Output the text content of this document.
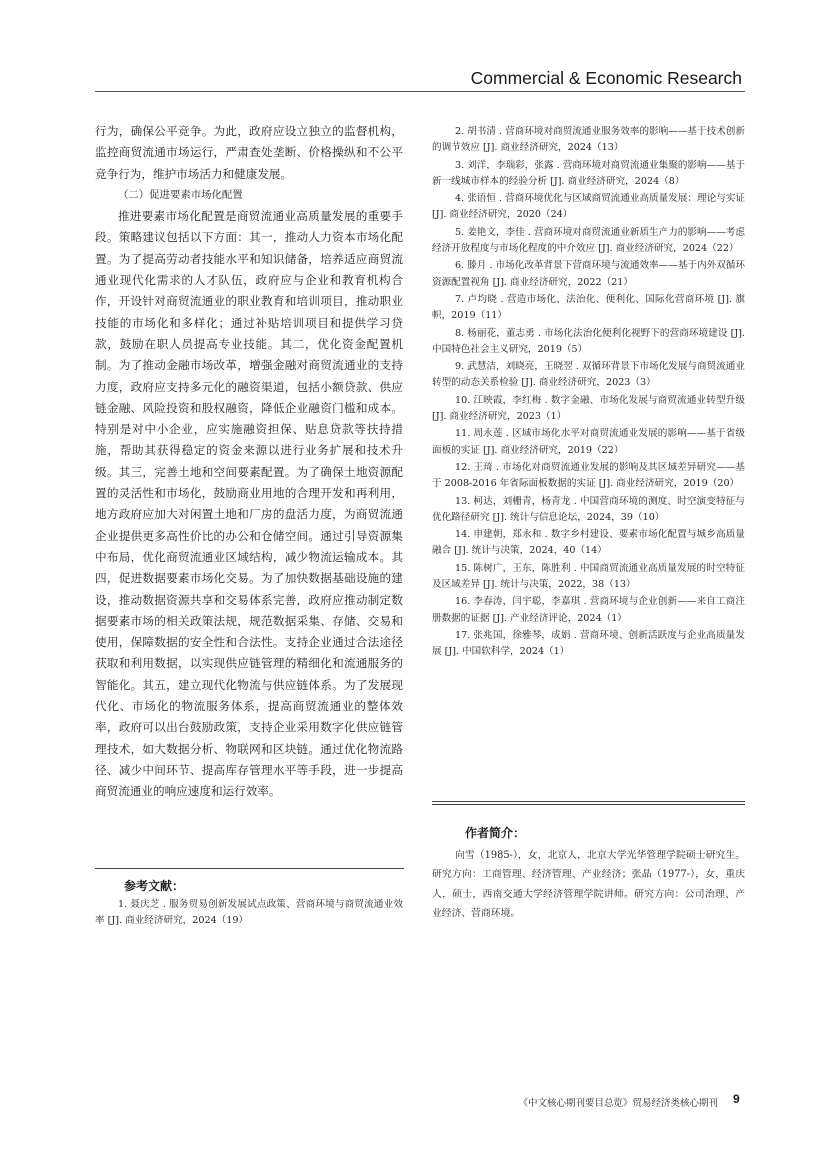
Commercial & Economic Research

行为，确保公平竞争。为此，政府应设立独立的监督机构，监控商贸流通市场运行，严肃查处垄断、价格操纵和不公平竞争行为，维护市场活力和健康发展。

（二）促进要素市场化配置

推进要素市场化配置是商贸流通业高质量发展的重要手段。策略建议包括以下方面：其一，推动人力资本市场化配置。为了提高劳动者技能水平和知识储备，培养适应商贸流通业现代化需求的人才队伍，政府应与企业和教育机构合作，开设针对商贸流通业的职业教育和培训项目，推动职业技能的市场化和多样化；通过补贴培训项目和提供学习贷款，鼓励在职人员提高专业技能。其二，优化资金配置机制。为了推动金融市场改革，增强金融对商贸流通业的支持力度，政府应支持多元化的融资渠道，包括小额贷款、供应链金融、风险投资和股权融资，降低企业融资门槛和成本。特别是对中小企业，应实施融资担保、贴息贷款等扶持措施，帮助其获得稳定的资金来源以进行业务扩展和技术升级。其三，完善土地和空间要素配置。为了确保土地资源配置的灵活性和市场化，鼓励商业用地的合理开发和再利用，地方政府应加大对闲置土地和厂房的盘活力度，为商贸流通企业提供更多高性价比的办公和仓储空间。通过引导资源集中布局，优化商贸流通业区域结构，减少物流运输成本。其四，促进数据要素市场化交易。为了加快数据基础设施的建设，推动数据资源共享和交易体系完善，政府应推动制定数据要素市场的相关政策法规，规范数据采集、存储、交易和使用，保障数据的安全性和合法性。支持企业通过合法途径获取和利用数据，以实现供应链管理的精细化和流通服务的智能化。其五，建立现代化物流与供应链体系。为了发展现代化、市场化的物流服务体系，提高商贸流通业的整体效率，政府可以出台鼓励政策，支持企业采用数字化供应链管理技术，如大数据分析、物联网和区块链。通过优化物流路径、减少中间环节、提高库存管理水平等手段，进一步提高商贸流通业的响应速度和运行效率。

参考文献：

1. 聂庆芝 . 服务贸易创新发展试点政策、营商环境与商贸流通业效率 [J]. 商业经济研究，2024（19）

2. 胡书清 . 营商环境对商贸流通业服务效率的影响——基于技术创新的调节效应 [J]. 商业经济研究，2024（13）

3. 刘洋，李瑞彩，张露 . 营商环境对商贸流通业集聚的影响——基于新一线城市样本的经验分析 [J]. 商业经济研究，2024（8）

4. 张语恒 . 营商环境优化与区域商贸流通业高质量发展：理论与实证 [J]. 商业经济研究，2020（24）

5. 姜艳文，李佳 . 营商环境对商贸流通业新质生产力的影响——考虑经济开放程度与市场化程度的中介效应 [J]. 商业经济研究，2024（22）

6. 滕月 . 市场化改革背景下营商环境与流通效率——基于内外双循环资源配置视角 [J]. 商业经济研究，2022（21）

7. 卢均晓 . 营造市场化、法治化、便利化、国际化营商环境 [J]. 旗帜，2019（11）

8. 杨丽花，董志勇 . 市场化法治化便利化视野下的营商环境建设 [J]. 中国特色社会主义研究，2019（5）

9. 武慧洁，刘晓亮，王晓翌 . 双循环背景下市场化发展与商贸流通业转型的动态关系检验 [J]. 商业经济研究，2023（3）

10. 江映霞，李红梅 . 数字金融、市场化发展与商贸流通业转型升级 [J]. 商业经济研究，2023（1）

11. 周永莲 . 区域市场化水平对商贸流通业发展的影响——基于省级面板的实证 [J]. 商业经济研究，2019（22）

12. 王琦 . 市场化对商贸流通业发展的影响及其区域差异研究——基于 2008-2016 年省际面板数据的实证 [J]. 商业经济研究，2019（20）

13. 柯达，刘栅青，杨青龙 . 中国营商环境的测度、时空演变特征与优化路径研究 [J]. 统计与信息论坛，2024，39（10）

14. 申建朝，郑永和 . 数字乡村建设、要素市场化配置与城乡高质量融合 [J]. 统计与决策，2024，40（14）

15. 陈树广，王东，陈胜利 . 中国商贸流通业高质量发展的时空特征及区域差异 [J]. 统计与决策，2022，38（13）

16. 李春涛，闫宇聪，李嘉琪 . 营商环境与企业创新——来自工商注册数据的证据 [J]. 产业经济评论，2024（1）

17. 张兆国，徐雅琴，成娟 . 营商环境、创新活跃度与企业高质量发展 [J]. 中国软科学，2024（1）

作者简介：

向雪（1985-），女，北京人，北京大学光华管理学院硕士研究生。研究方向：工商管理、经济管理、产业经济；张晶（1977-），女，重庆人，硕士，西南交通大学经济管理学院讲师。研究方向：公司治理、产业经济、营商环境。

《中文核心期刊要目总览》贸易经济类核心期刊 9
